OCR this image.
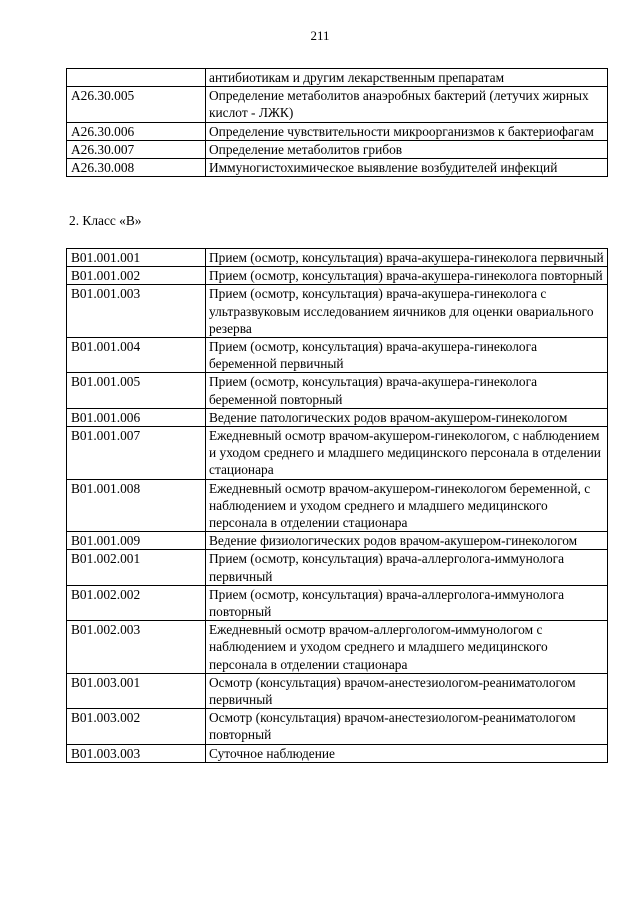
211
	антибиотикам и другим лекарственным препаратам
A26.30.005	Определение метаболитов анаэробных бактерий (летучих жирных кислот - ЛЖК)
A26.30.006	Определение чувствительности микроорганизмов к бактериофагам
A26.30.007	Определение метаболитов грибов
A26.30.008	Иммуногистохимическое выявление возбудителей инфекций
2. Класс «B»
B01.001.001	Прием (осмотр, консультация) врача-акушера-гинеколога первичный
B01.001.002	Прием (осмотр, консультация) врача-акушера-гинеколога повторный
B01.001.003	Прием (осмотр, консультация) врача-акушера-гинеколога с ультразвуковым исследованием яичников для оценки овариального резерва
B01.001.004	Прием (осмотр, консультация) врача-акушера-гинеколога беременной первичный
B01.001.005	Прием (осмотр, консультация) врача-акушера-гинеколога беременной повторный
B01.001.006	Ведение патологических родов врачом-акушером-гинекологом
B01.001.007	Ежедневный осмотр врачом-акушером-гинекологом, с наблюдением и уходом среднего и младшего медицинского персонала в отделении стационара
B01.001.008	Ежедневный осмотр врачом-акушером-гинекологом беременной, с наблюдением и уходом среднего и младшего медицинского персонала в отделении стационара
B01.001.009	Ведение физиологических родов врачом-акушером-гинекологом
B01.002.001	Прием (осмотр, консультация) врача-аллерголога-иммунолога первичный
B01.002.002	Прием (осмотр, консультация) врача-аллерголога-иммунолога повторный
B01.002.003	Ежедневный осмотр врачом-аллергологом-иммунологом с наблюдением и уходом среднего и младшего медицинского персонала в отделении стационара
B01.003.001	Осмотр (консультация) врачом-анестезиологом-реаниматологом первичный
B01.003.002	Осмотр (консультация) врачом-анестезиологом-реаниматологом повторный
B01.003.003	Суточное наблюдение
